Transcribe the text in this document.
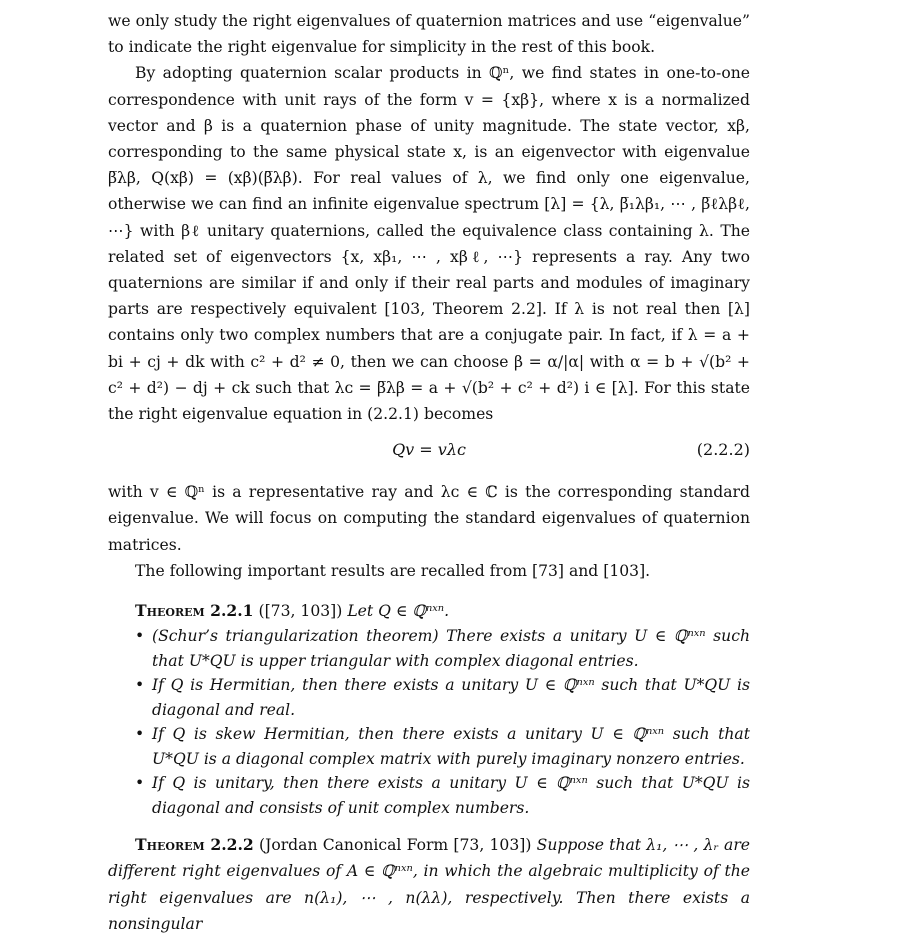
we only study the right eigenvalues of quaternion matrices and use “eigenvalue” to indicate the right eigenvalue for simplicity in the rest of this book.

By adopting quaternion scalar products in ℚⁿ, we find states in one-to-one correspondence with unit rays of the form v = {xβ}, where x is a normalized vector and β is a quaternion phase of unity magnitude. The state vector, xβ, corresponding to the same physical state x, is an eigenvector with eigenvalue β̅λβ, Q(xβ) = (xβ)(β̅λβ). For real values of λ, we find only one eigenvalue, otherwise we can find an infinite eigenvalue spectrum [λ] = {λ, β̅₁λβ₁, ⋯ , β̅ℓλβℓ, ⋯} with βℓ unitary quaternions, called the equivalence class containing λ. The related set of eigenvectors {x, xβ₁, ⋯ , xβℓ, ⋯} represents a ray. Any two quaternions are similar if and only if their real parts and modules of imaginary parts are respectively equivalent [103, Theorem 2.2]. If λ is not real then [λ] contains only two complex numbers that are a conjugate pair. In fact, if λ = a + bi + cj + dk with c² + d² ≠ 0, then we can choose β = α/|α| with α = b + √(b² + c² + d²) − dj + ck such that λᴄ = β̅λβ = a + √(b² + c² + d²) i ∈ [λ]. For this state the right eigenvalue equation in (2.2.1) becomes

Qv = vλᴄ	(2.2.2)

with v ∈ ℚⁿ is a representative ray and λᴄ ∈ ℂ is the corresponding standard eigenvalue. We will focus on computing the standard eigenvalues of quaternion matrices.

The following important results are recalled from [73] and [103].

Theorem 2.2.1 ([73, 103]) Let Q ∈ ℚⁿˣⁿ.

• (Schur’s triangularization theorem) There exists a unitary U ∈ ℚⁿˣⁿ such that U*QU is upper triangular with complex diagonal entries.
• If Q is Hermitian, then there exists a unitary U ∈ ℚⁿˣⁿ such that U*QU is diagonal and real.
• If Q is skew Hermitian, then there exists a unitary U ∈ ℚⁿˣⁿ such that U*QU is a diagonal complex matrix with purely imaginary nonzero entries.
• If Q is unitary, then there exists a unitary U ∈ ℚⁿˣⁿ such that U*QU is diagonal and consists of unit complex numbers.

Theorem 2.2.2 (Jordan Canonical Form [73, 103]) Suppose that λ₁, ⋯ , λᵣ are different right eigenvalues of A ∈ ℚⁿˣⁿ, in which the algebraic multiplicity of the right eigenvalues are n(λ₁), ⋯ , n(λλ), respectively. Then there exists a nonsingular
